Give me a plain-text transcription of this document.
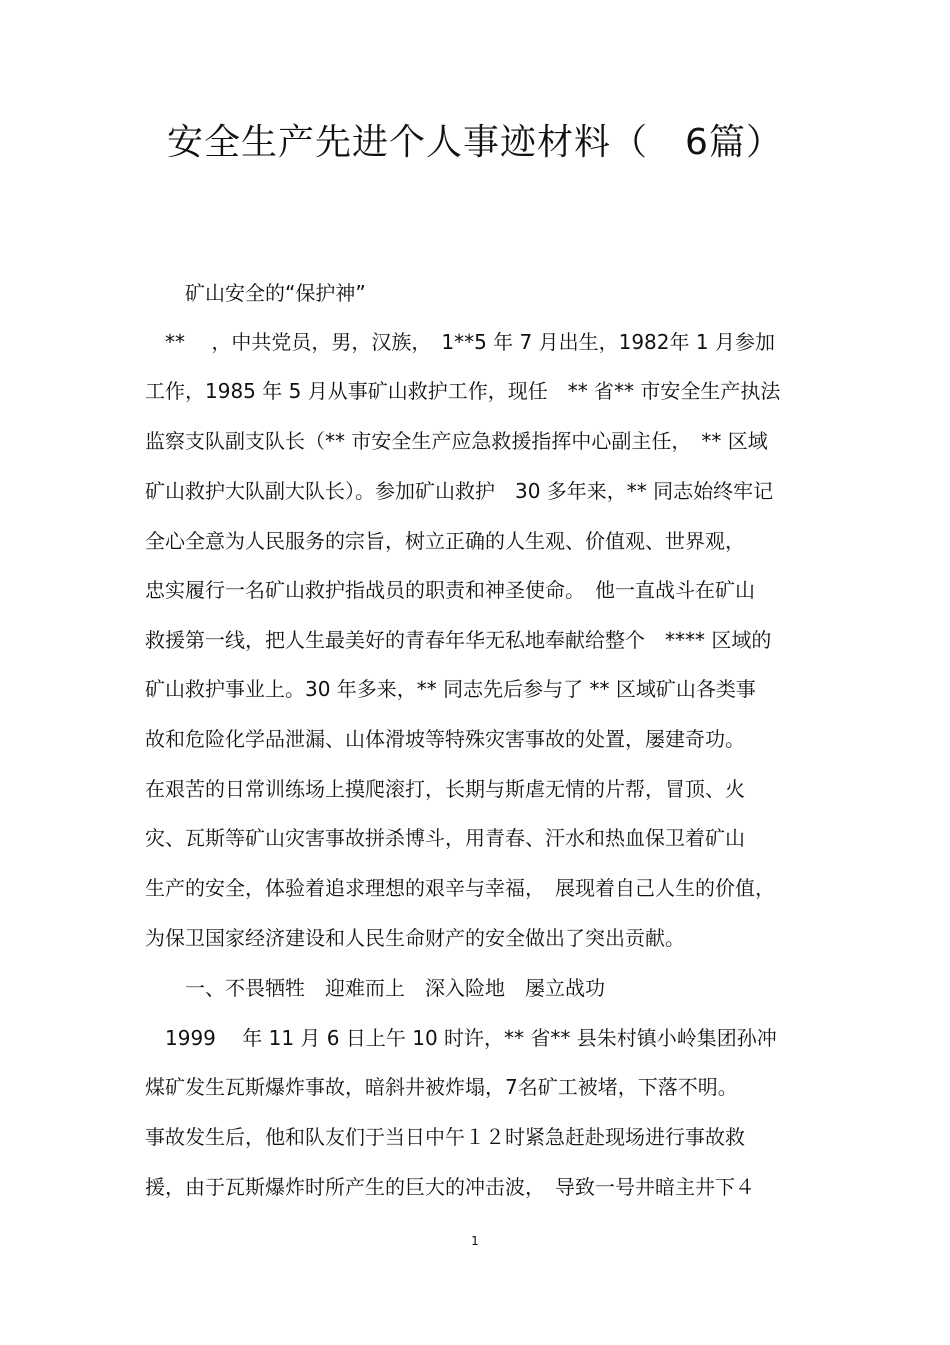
安全生产先进个人事迹材料（　6篇）
　　矿山安全的“保护神”
　** 　，中共党员，男，汉族，　1**5 年 7 月出生，1982年 1 月参加
工作，1985 年 5 月从事矿山救护工作，现任　** 省** 市安全生产执法
监察支队副支队长（** 市安全生产应急救援指挥中心副主任，　** 区域
矿山救护大队副大队长）。参加矿山救护　30 多年来，** 同志始终牢记
全心全意为人民服务的宗旨，树立正确的人生观、价值观、世界观，
忠实履行一名矿山救护指战员的职责和神圣使命。　他一直战斗在矿山
救援第一线，把人生最美好的青春年华无私地奉献给整个　**** 区域的
矿山救护事业上。30 年多来，** 同志先后参与了 ** 区域矿山各类事
故和危险化学品泄漏、山体滑坡等特殊灾害事故的处置，屡建奇功。
在艰苦的日常训练场上摸爬滚打，长期与斯虐无情的片帮，冒顶、火
灾、瓦斯等矿山灾害事故拼杀博斗，用青春、汗水和热血保卫着矿山
生产的安全，体验着追求理想的艰辛与幸福，　展现着自己人生的价值，
为保卫国家经济建设和人民生命财产的安全做出了突出贡献。
　　一、不畏牺牲　迎难而上　深入险地　屡立战功
　1999　 年 11 月 6 日上午 10 时许，** 省** 县朱村镇小岭集团孙冲
煤矿发生瓦斯爆炸事故，暗斜井被炸塌，7名矿工被堵，下落不明。
事故发生后，他和队友们于当日中午１２时紧急赶赴现场进行事故救
援，由于瓦斯爆炸时所产生的巨大的冲击波，　导致一号井暗主井下４
1
